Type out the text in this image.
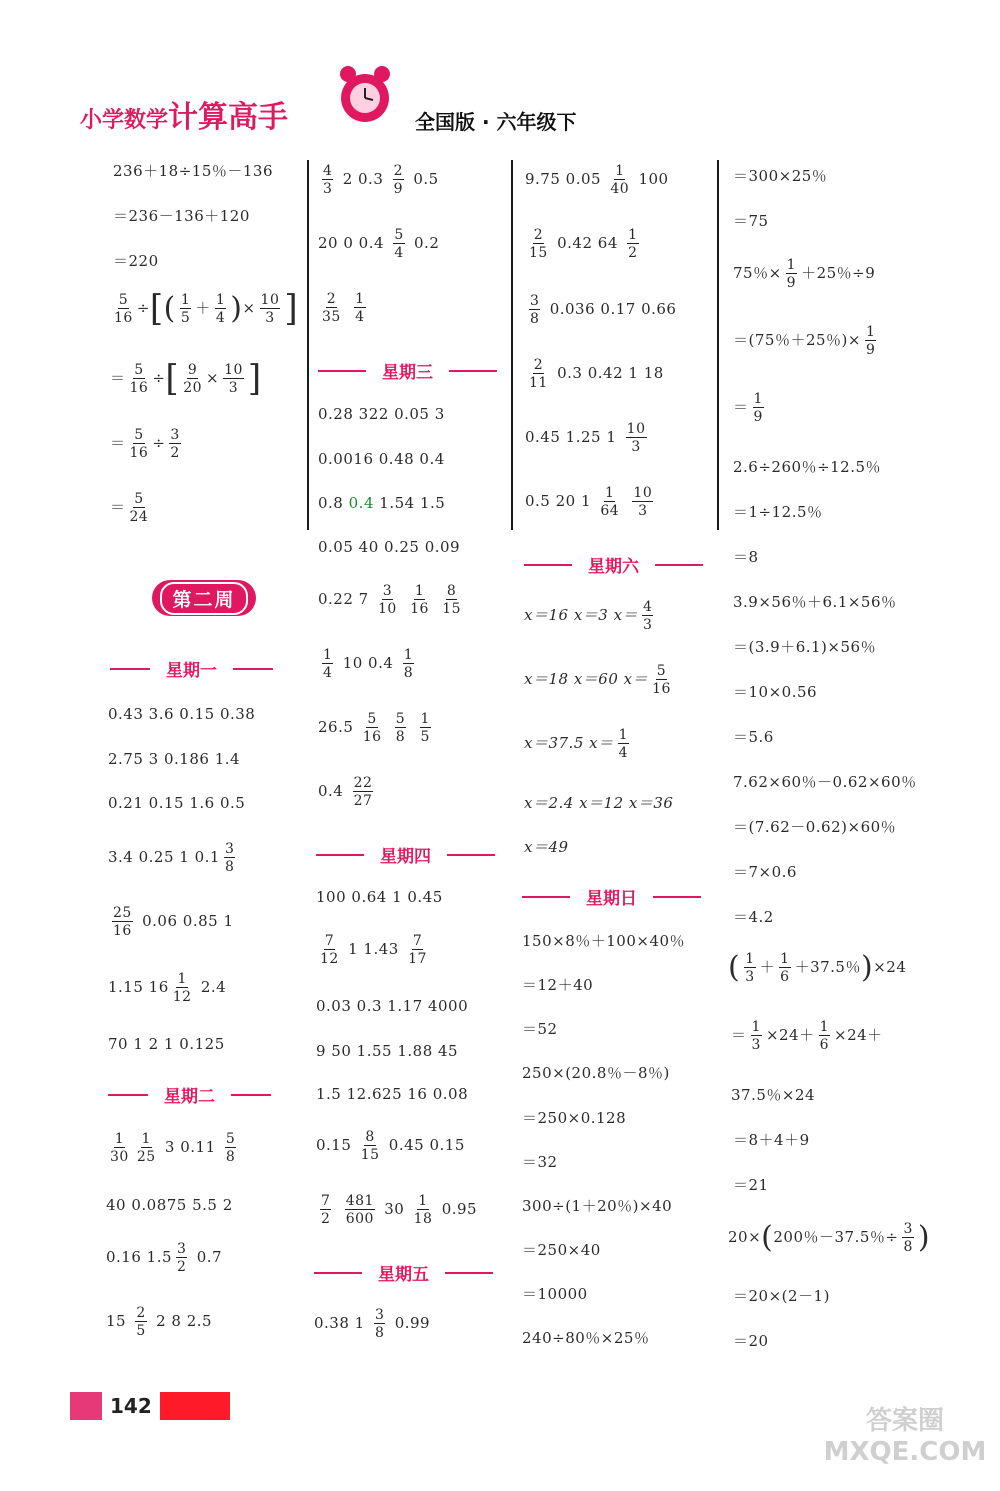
小学数学计算高手	全国版 · 六年级下
236＋18÷15％－136
＝236－136＋120
＝220
$\frac{5}{16}$ ÷[( $\frac{1}{5} + \frac{1}{4}$ )× $\frac{10}{3}$ ]
＝ $\frac{5}{16}$ ÷[ $\frac{9}{20} \times \frac{10}{3}$ ]
＝ $\frac{5}{16} \div \frac{3}{2}$
＝ $\frac{5}{24}$
第二周
星期一
0.43 3.6 0.15 0.38
2.75 3 0.186 1.4
0.21 0.15 1.6 0.5
3.4 0.25 1 $0.1 \frac{3}{8}$
$\frac{25}{16} 0.06$ 0.85 1
1.15 $16 \frac{1}{12} 2.4$
70 1 2 1 0.125
星期二
$\frac{1}{30} \frac{1}{25} 3$ $0.11 \frac{5}{8}$
40 0.0875 5.5 2
0.16 $1.5 \frac{3}{2} 0.7$
$15 \frac{2}{5} 2$ 8 2.5
$\frac{4}{3} 2$ $0.3 \frac{2}{9} 0.5$
20 0 $0.4 \frac{5}{4} 0.2$
$\frac{2}{35}$
$\frac{1}{4}$
星期三
0.28 322 0.05 3
0.0016 0.48 0.4
0.8 0.4 1.54 1.5
0.05 40 0.25 0.09
0.22 $7 \frac{3}{10}$
$\frac{1}{16}$
$\frac{8}{15}$
$\frac{1}{4} 10$ $0.4 \frac{1}{8}$
$26.5 \frac{5}{16}$
$\frac{5}{8}$
$\frac{1}{5}$
$0.4 \frac{22}{27}$
星期四
100 0.64 1 0.45
$\frac{7}{12} 1$ $1.43 \frac{7}{17}$
0.03 0.3 1.17 4000
9 50 1.55 1.88 45
1.5 12.625 16 0.08
$0.15 \frac{8}{15} 0.45$ 0.15
$\frac{7}{2}$
$\frac{481}{600} 30 \frac{1}{18} 0.95$
星期五
0.38 $1 \frac{3}{8} 0.99$
9.75 $0.05 \frac{1}{40} 100$
$\frac{2}{15} 0.42$ $64 \frac{1}{2}$
$\frac{3}{8} 0.036$ 0.17 0.66
$\frac{2}{11} 0.3$ 0.42 1 18
0.45 1.25 $1 \frac{10}{3}$
0.5 20 $1 \frac{1}{64}$
$\frac{10}{3}$
星期六
x＝16 x＝3 $x= \frac{4}{3}$
x＝18 x＝60 $x= \frac{5}{16}$
x＝37.5 $x= \frac{1}{4}$
x＝2.4 x＝12 x＝36
x＝49
星期日
150×8％＋100×40％
＝12＋40
＝52
250×(20.8％－8％)
＝250×0.128
＝32
300÷(1＋20％)×40
＝250×40
＝10000
240÷80％×25％
＝300×25％
＝75
75％× $\frac{1}{9} +25$％÷9
＝(75％＋25％)× $\frac{1}{9}$
＝ $\frac{1}{9}$
2.6÷260％÷12.5％
＝1÷12.5％
＝8
3.9×56％＋6.1×56％
＝(3.9＋6.1)×56％
＝10×0.56
＝5.6
7.62×60％－0.62×60％
＝(7.62－0.62)×60％
＝7×0.6
＝4.2
( $\frac{1}{3} + \frac{1}{6} +37.5$％)×24
＝ $\frac{1}{3} \times 24+ \frac{1}{6} \times 24+$
37.5％×24
＝8＋4＋9
＝21
20×(200％－37.5％÷ $\frac{3}{8}$ )
＝20×(2－1)
＝20
142	答案圈 MXQE.COM
